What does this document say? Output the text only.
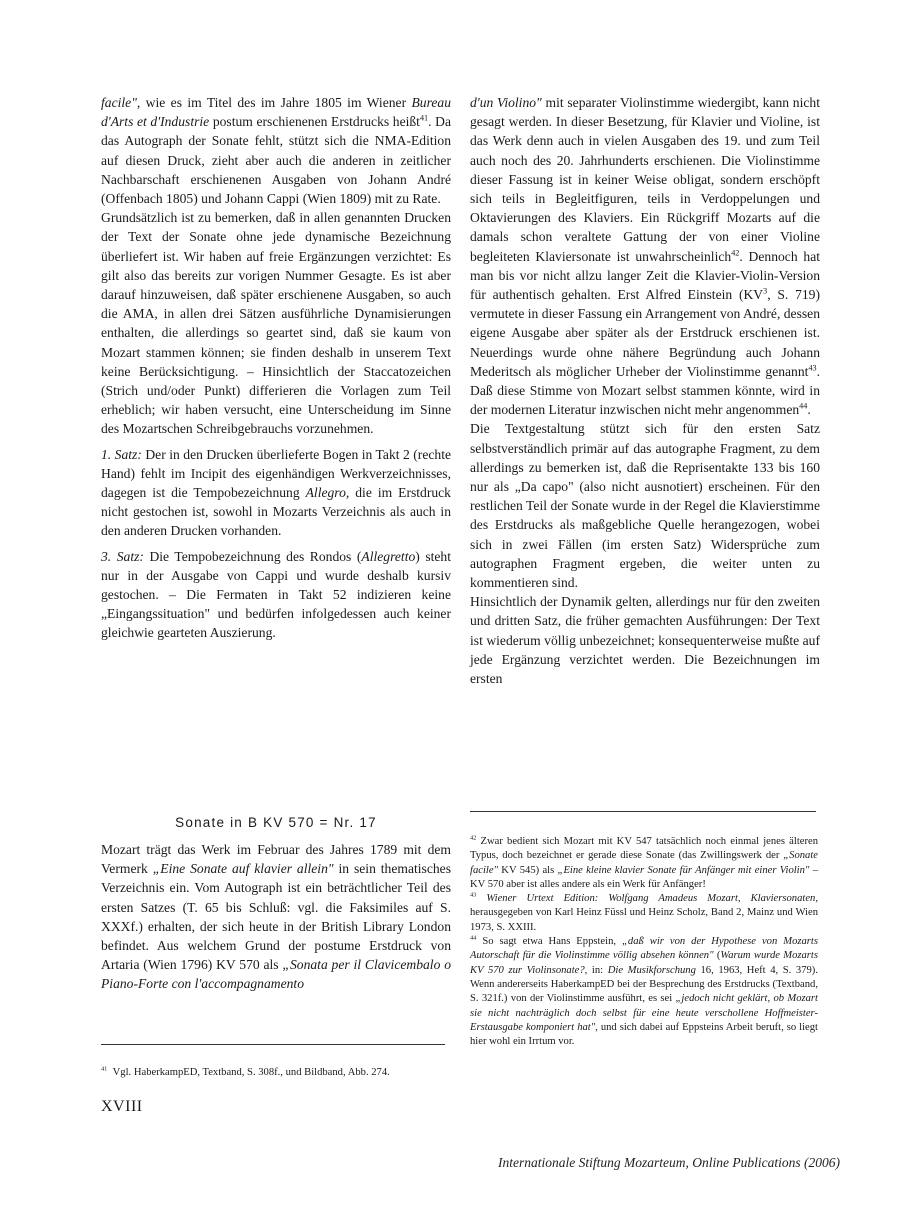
facile", wie es im Titel des im Jahre 1805 im Wiener Bureau d'Arts et d'Industrie postum erschienenen Erstdrucks heißt$^{41}$. Da das Autograph der Sonate fehlt, stützt sich die NMA-Edition auf diesen Druck, zieht aber auch die anderen in zeitlicher Nachbarschaft erschienenen Ausgaben von Johann André (Offenbach 1805) und Johann Cappi (Wien 1809) mit zu Rate.

Grundsätzlich ist zu bemerken, daß in allen genannten Drucken der Text der Sonate ohne jede dynamische Bezeichnung überliefert ist. Wir haben auf freie Ergänzungen verzichtet: Es gilt also das bereits zur vorigen Nummer Gesagte. Es ist aber darauf hinzuweisen, daß später erschienene Ausgaben, so auch die AMA, in allen drei Sätzen ausführliche Dynamisierungen enthalten, die allerdings so geartet sind, daß sie kaum von Mozart stammen können; sie finden deshalb in unserem Text keine Berücksichtigung. – Hinsichtlich der Staccatozeichen (Strich und/oder Punkt) differieren die Vorlagen zum Teil erheblich; wir haben versucht, eine Unterscheidung im Sinne des Mozartschen Schreibgebrauchs vorzunehmen.

1. Satz: Der in den Drucken überlieferte Bogen in Takt 2 (rechte Hand) fehlt im Incipit des eigenhändigen Werkverzeichnisses, dagegen ist die Tempobezeichnung Allegro, die im Erstdruck nicht gestochen ist, sowohl in Mozarts Verzeichnis als auch in den anderen Drucken vorhanden.

3. Satz: Die Tempobezeichnung des Rondos (Allegretto) steht nur in der Ausgabe von Cappi und wurde deshalb kursiv gestochen. – Die Fermaten in Takt 52 indizieren keine „Eingangssituation" und bedürfen infolgedessen auch keiner gleichwie gearteten Auszierung.

Sonate in B KV 570 = Nr. 17

Mozart trägt das Werk im Februar des Jahres 1789 mit dem Vermerk „Eine Sonate auf klavier allein" in sein thematisches Verzeichnis ein. Vom Autograph ist ein beträchtlicher Teil des ersten Satzes (T. 65 bis Schluß: vgl. die Faksimiles auf S. XXXf.) erhalten, der sich heute in der British Library London befindet. Aus welchem Grund der postume Erstdruck von Artaria (Wien 1796) KV 570 als „Sonata per il Clavicembalo o Piano-Forte con l'accompagnamento

d'un Violino" mit separater Violinstimme wiedergibt, kann nicht gesagt werden. In dieser Besetzung, für Klavier und Violine, ist das Werk denn auch in vielen Ausgaben des 19. und zum Teil auch noch des 20. Jahrhunderts erschienen. Die Violinstimme dieser Fassung ist in keiner Weise obligat, sondern erschöpft sich teils in Begleitfiguren, teils in Verdoppelungen und Oktavierungen des Klaviers. Ein Rückgriff Mozarts auf die damals schon veraltete Gattung der von einer Violine begleiteten Klaviersonate ist unwahrscheinlich$^{42}$. Dennoch hat man bis vor nicht allzu langer Zeit die Klavier-Violin-Version für authentisch gehalten. Erst Alfred Einstein ($KV^3$, S. 719) vermutete in dieser Fassung ein Arrangement von André, dessen eigene Ausgabe aber später als der Erstdruck erschienen ist. Neuerdings wurde ohne nähere Begründung auch Johann Mederitsch als möglicher Urheber der Violinstimme genannt$^{43}$. Daß diese Stimme von Mozart selbst stammen könnte, wird in der modernen Literatur inzwischen nicht mehr angenommen$^{44}$.

Die Textgestaltung stützt sich für den ersten Satz selbstverständlich primär auf das autographe Fragment, zu dem allerdings zu bemerken ist, daß die Reprisentakte 133 bis 160 nur als „Da capo" (also nicht ausnotiert) erscheinen. Für den restlichen Teil der Sonate wurde in der Regel die Klavierstimme des Erstdrucks als maßgebliche Quelle herangezogen, wobei sich in zwei Fällen (im ersten Satz) Widersprüche zum autographen Fragment ergeben, die weiter unten zu kommentieren sind.

Hinsichtlich der Dynamik gelten, allerdings nur für den zweiten und dritten Satz, die früher gemachten Ausführungen: Der Text ist wiederum völlig unbezeichnet; konsequenterweise mußte auf jede Ergänzung verzichtet werden. Die Bezeichnungen im ersten

$^{42}$ Zwar bedient sich Mozart mit KV 547 tatsächlich noch einmal jenes älteren Typus, doch bezeichnet er gerade diese Sonate (das Zwillingswerk der „Sonate facile" KV 545) als „Eine kleine klavier Sonate für Anfänger mit einer Violin" – KV 570 aber ist alles andere als ein Werk für Anfänger!

$^{43}$ Wiener Urtext Edition: Wolfgang Amadeus Mozart, Klaviersonaten, herausgegeben von Karl Heinz Füssl und Heinz Scholz, Band 2, Mainz und Wien 1973, S. XXIII.

$^{44}$ So sagt etwa Hans Eppstein, „daß wir von der Hypothese von Mozarts Autorschaft für die Violinstimme völlig absehen können" (Warum wurde Mozarts KV 570 zur Violinsonate?, in: Die Musikforschung 16, 1963, Heft 4, S. 379). Wenn andererseits HaberkampED bei der Besprechung des Erstdrucks (Textband, S. 321f.) von der Violinstimme ausführt, es sei „jedoch nicht geklärt, ob Mozart sie nicht nachträglich doch selbst für eine heute verschollene Hoffmeister-Erstausgabe komponiert hat", und sich dabei auf Eppsteins Arbeit beruft, so liegt hier wohl ein Irrtum vor.

$^{41}$ Vgl. HaberkampED, Textband, S. 308f., und Bildband, Abb. 274.

XVIII
Internationale Stiftung Mozarteum, Online Publications (2006)
